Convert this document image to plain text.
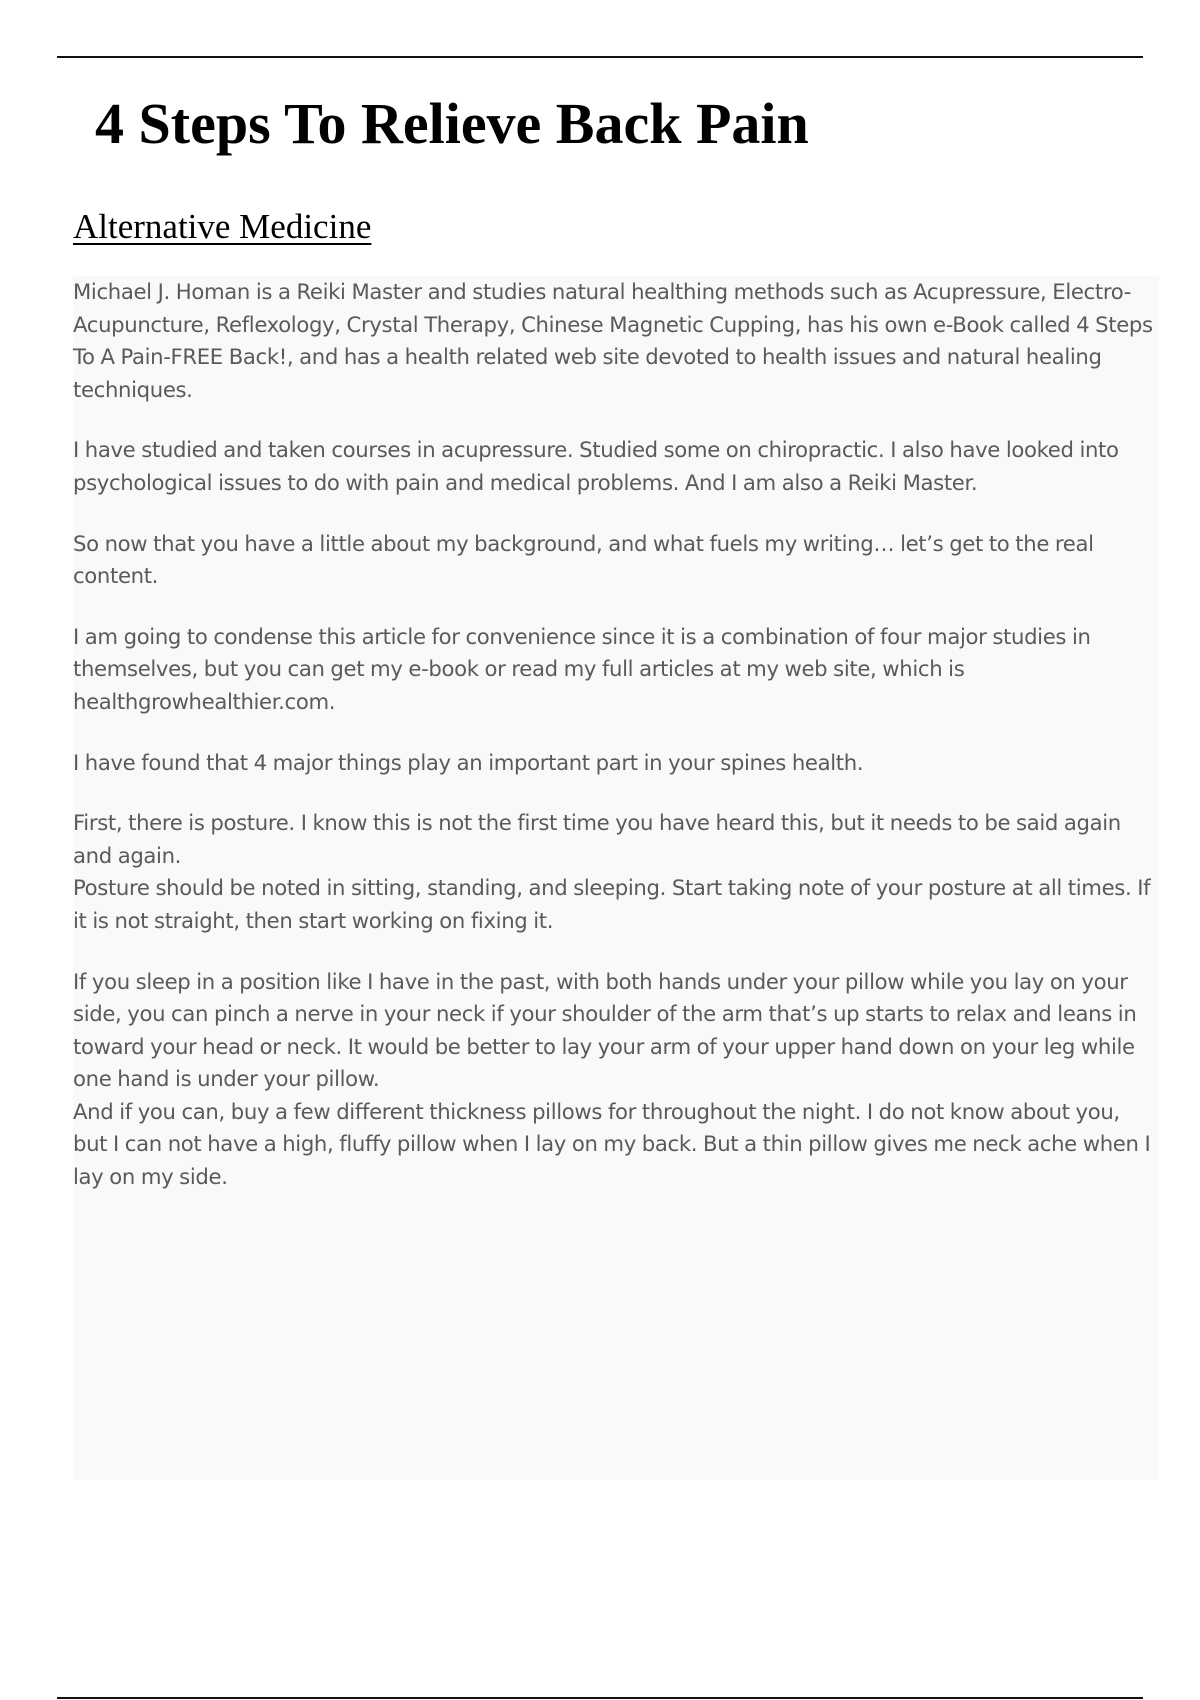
4 Steps To Relieve Back Pain
Alternative Medicine

Michael J. Homan is a Reiki Master and studies natural healthing methods such as Acupressure, Electro-Acupuncture, Reflexology, Crystal Therapy, Chinese Magnetic Cupping, has his own e-Book called 4 Steps To A Pain-FREE Back!, and has a health related web site devoted to health issues and natural healing techniques.

I have studied and taken courses in acupressure. Studied some on chiropractic. I also have looked into psychological issues to do with pain and medical problems. And I am also a Reiki Master.

So now that you have a little about my background, and what fuels my writing… let’s get to the real content.

I am going to condense this article for convenience since it is a combination of four major studies in themselves, but you can get my e-book or read my full articles at my web site, which is healthgrowhealthier.com.

I have found that 4 major things play an important part in your spines health.

First, there is posture. I know this is not the first time you have heard this, but it needs to be said again and again.
Posture should be noted in sitting, standing, and sleeping. Start taking note of your posture at all times. If it is not straight, then start working on fixing it.

If you sleep in a position like I have in the past, with both hands under your pillow while you lay on your side, you can pinch a nerve in your neck if your shoulder of the arm that’s up starts to relax and leans in toward your head or neck. It would be better to lay your arm of your upper hand down on your leg while one hand is under your pillow.
And if you can, buy a few different thickness pillows for throughout the night. I do not know about you, but I can not have a high, fluffy pillow when I lay on my back. But a thin pillow gives me neck ache when I lay on my side.
